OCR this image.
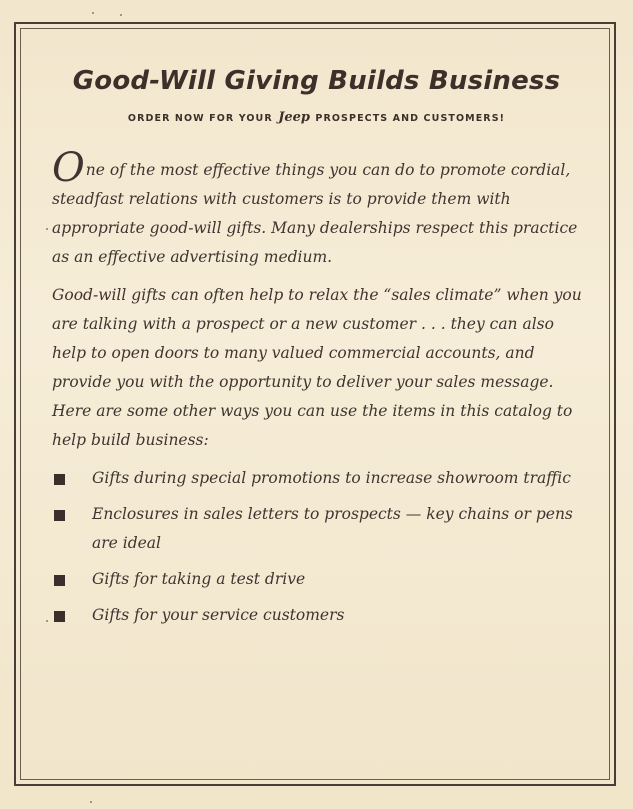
Good-Will Giving Builds Business
ORDER NOW FOR YOUR Jeep PROSPECTS AND CUSTOMERS!

One of the most effective things you can do to promote cordial, steadfast relations with customers is to provide them with appropriate good-will gifts. Many dealerships respect this practice as an effective advertising medium.

Good-will gifts can often help to relax the “sales climate” when you are talking with a prospect or a new customer . . . they can also help to open doors to many valued commercial accounts, and provide you with the opportunity to deliver your sales message. Here are some other ways you can use the items in this catalog to help build business:

Gifts during special promotions to increase showroom traffic
Enclosures in sales letters to prospects — key chains or pens are ideal
Gifts for taking a test drive
Gifts for your service customers
